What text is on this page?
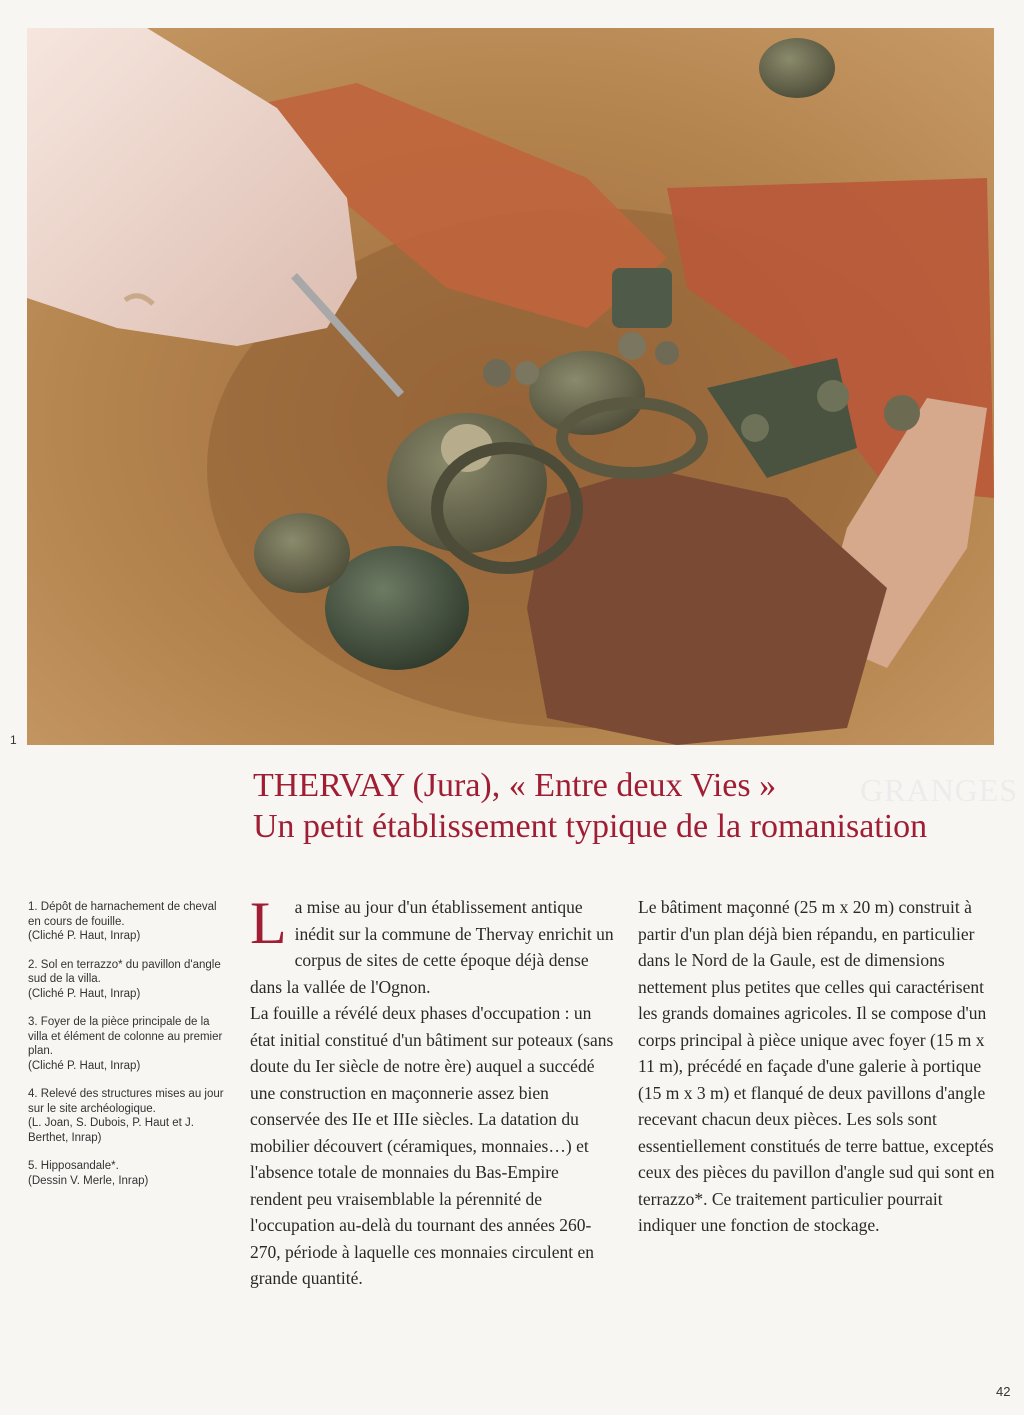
1
GRANGES
THERVAY (Jura), « Entre deux Vies »
Un petit établissement typique de la romanisation

1. Dépôt de harnachement de cheval en cours de fouille.

(Cliché P. Haut, Inrap)

2. Sol en terrazzo* du pavillon d'angle sud de la villa.

(Cliché P. Haut, Inrap)

3. Foyer de la pièce principale de la villa et élément de colonne au premier plan.

(Cliché P. Haut, Inrap)

4. Relevé des structures mises au jour sur le site archéologique.

(L. Joan, S. Dubois, P. Haut et J. Berthet, Inrap)

5. Hipposandale*.

(Dessin V. Merle, Inrap)

La mise au jour d'un établissement antique inédit sur la commune de Thervay enrichit un corpus de sites de cette époque déjà dense dans la vallée de l'Ognon.

La fouille a révélé deux phases d'occupation : un état initial constitué d'un bâtiment sur poteaux (sans doute du Ier siècle de notre ère) auquel a succédé une construction en maçonnerie assez bien conservée des IIe et IIIe siècles. La datation du mobilier découvert (céramiques, monnaies…) et l'absence totale de monnaies du Bas-Empire rendent peu vraisemblable la pérennité de l'occupation au-delà du tournant des années 260-270, période à laquelle ces monnaies circulent en grande quantité.

Le bâtiment maçonné (25 m x 20 m) construit à partir d'un plan déjà bien répandu, en particulier dans le Nord de la Gaule, est de dimensions nettement plus petites que celles qui caractérisent les grands domaines agricoles. Il se compose d'un corps principal à pièce unique avec foyer (15 m x 11 m), précédé en façade d'une galerie à portique (15 m x 3 m) et flanqué de deux pavillons d'angle recevant chacun deux pièces. Les sols sont essentiellement constitués de terre battue, exceptés ceux des pièces du pavillon d'angle sud qui sont en terrazzo*. Ce traitement particulier pourrait indiquer une fonction de stockage.

42
